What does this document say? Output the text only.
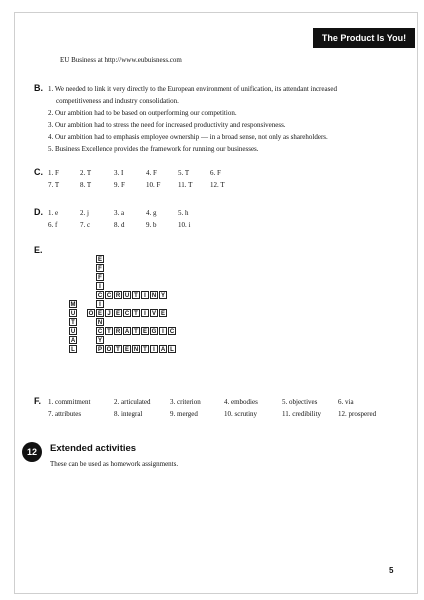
The Product Is You!
EU Business at http://www.eubuisness.com
B. 1. We needed to link it very directly to the European environment of unification, its attendant increased
competitiveness and industry consolidation.
2. Our ambition had to be based on outperforming our competition.
3. Our ambition had to stress the need for increased productivity and responsiveness.
4. Our ambition had to emphasis employee ownership — in a broad sense, not only as shareholders.
5. Business Excellence provides the framework for running our businesses.
C. 1. F	2. T	3. I	4. F	5. T	6. F
7. T	8. T	9. F	10. F	11. T	12. T
D. 1. e	2. j	3. a	4. g	5. h
6. f	7. c	8. d	9. b	10. i
E.
E
F
F
I
C
I
E
N
C
Y
C R U T	I	N Y
M
U
T
U
A
L
O	J E C T	I	V E
T R A T E G I	C
P O T E N T	I	A L
F. 1. commitment	2. articulated	3. criterion	4. embodies	5. objectives	6. via
7. attributes	8. integral	9. merged	10. scrutiny	11. credibility 12. prospered
12	Extended activities
These can be used as homework assignments.
5
